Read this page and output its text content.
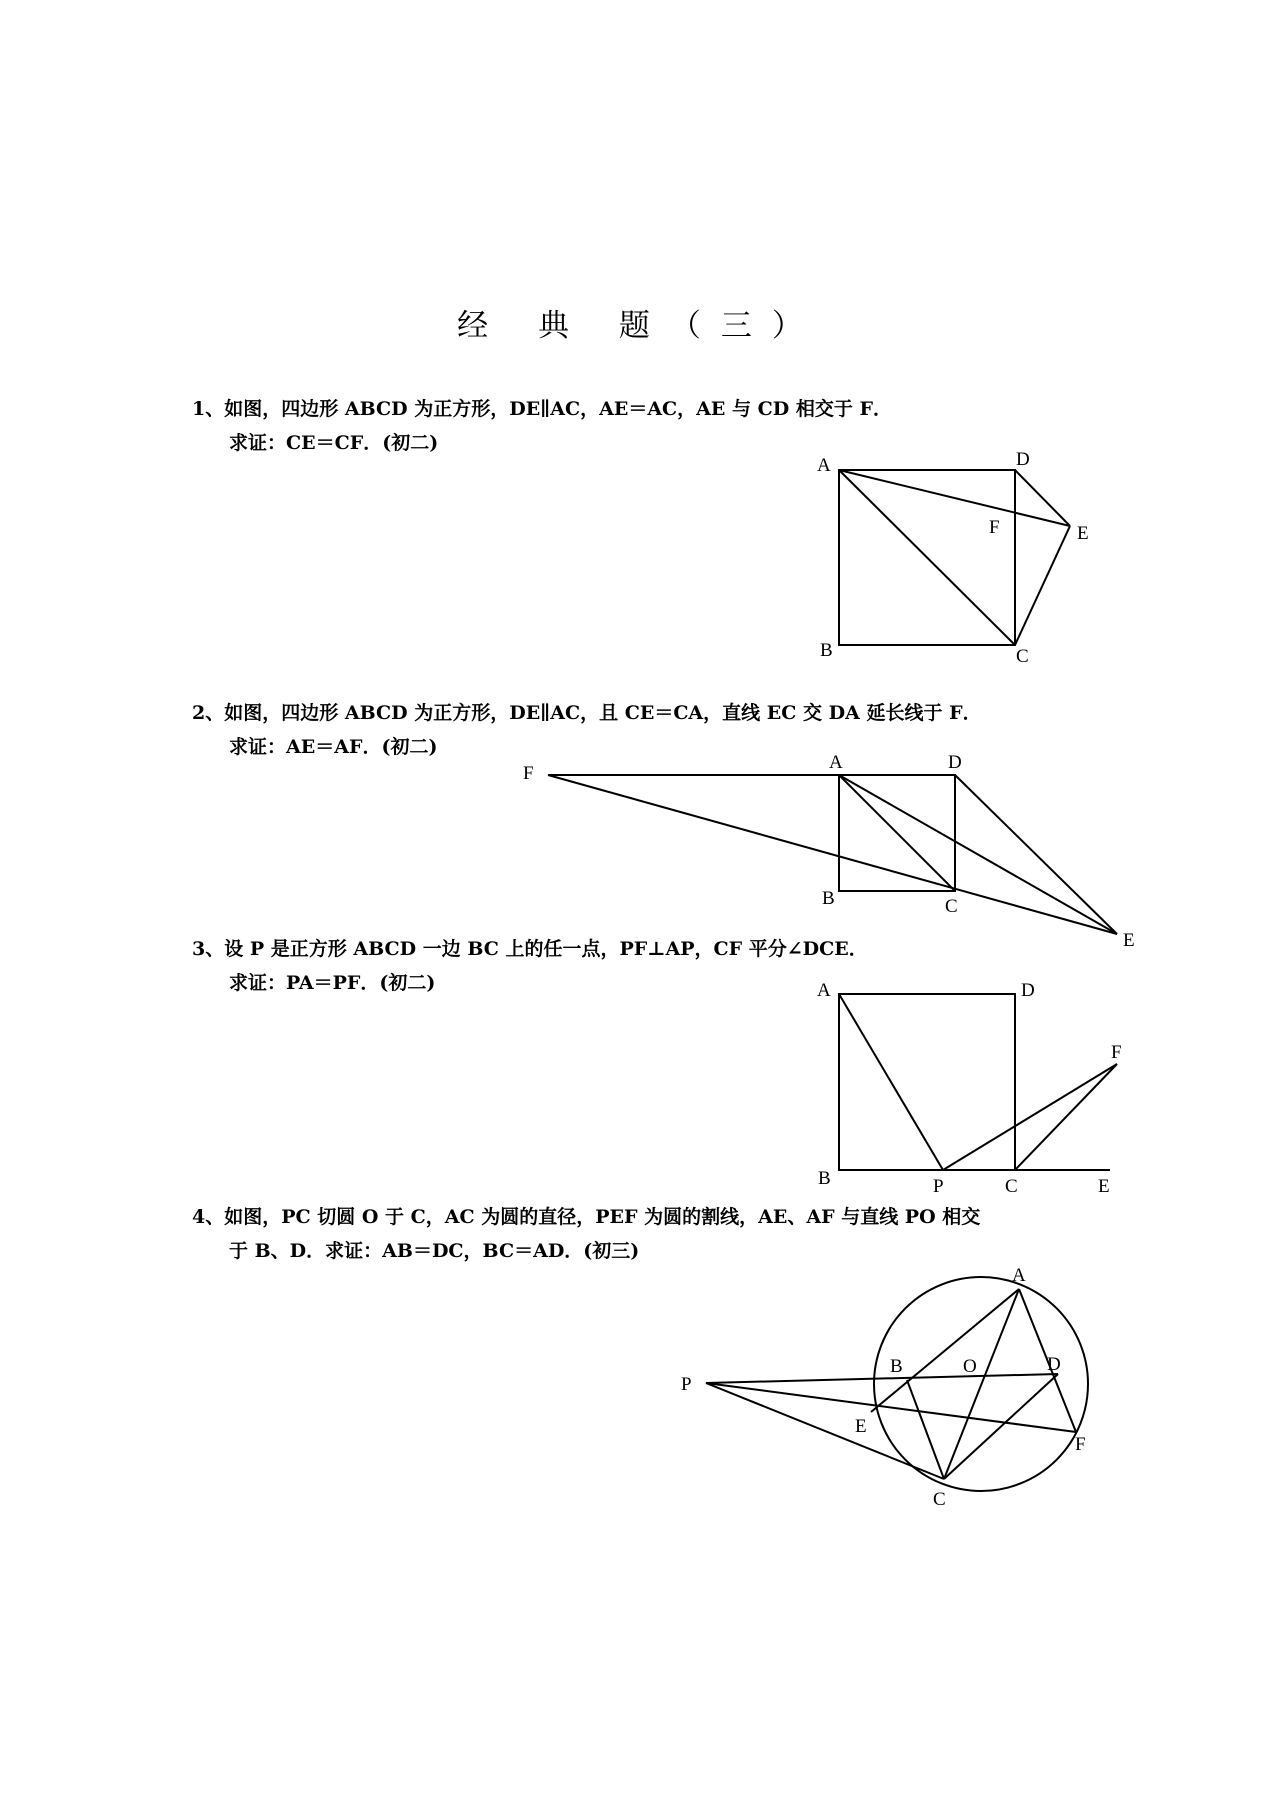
经 典 题（三）
1、如图，四边形 ABCD 为正方形，DE∥AC，AE＝AC，AE 与 CD 相交于 F．
求证：CE＝CF．(初二)
2、如图，四边形 ABCD 为正方形，DE∥AC，且 CE＝CA，直线 EC 交 DA 延长线于 F．
求证：AE＝AF．(初二)
3、设 P 是正方形 ABCD 一边 BC 上的任一点，PF⊥AP，CF 平分∠DCE．
求证：PA＝PF．(初二)
4、如图，PC 切圆 O 于 C，AC 为圆的直径，PEF 为圆的割线，AE、AF 与直线 PO 相交
于 B、D．求证：AB＝DC，BC＝AD．(初三)
A	D
F	E
B	C
F
A	D
B	C
E
A	D
F
B	P	C	E
A
B	O	D
P
E
F
C
